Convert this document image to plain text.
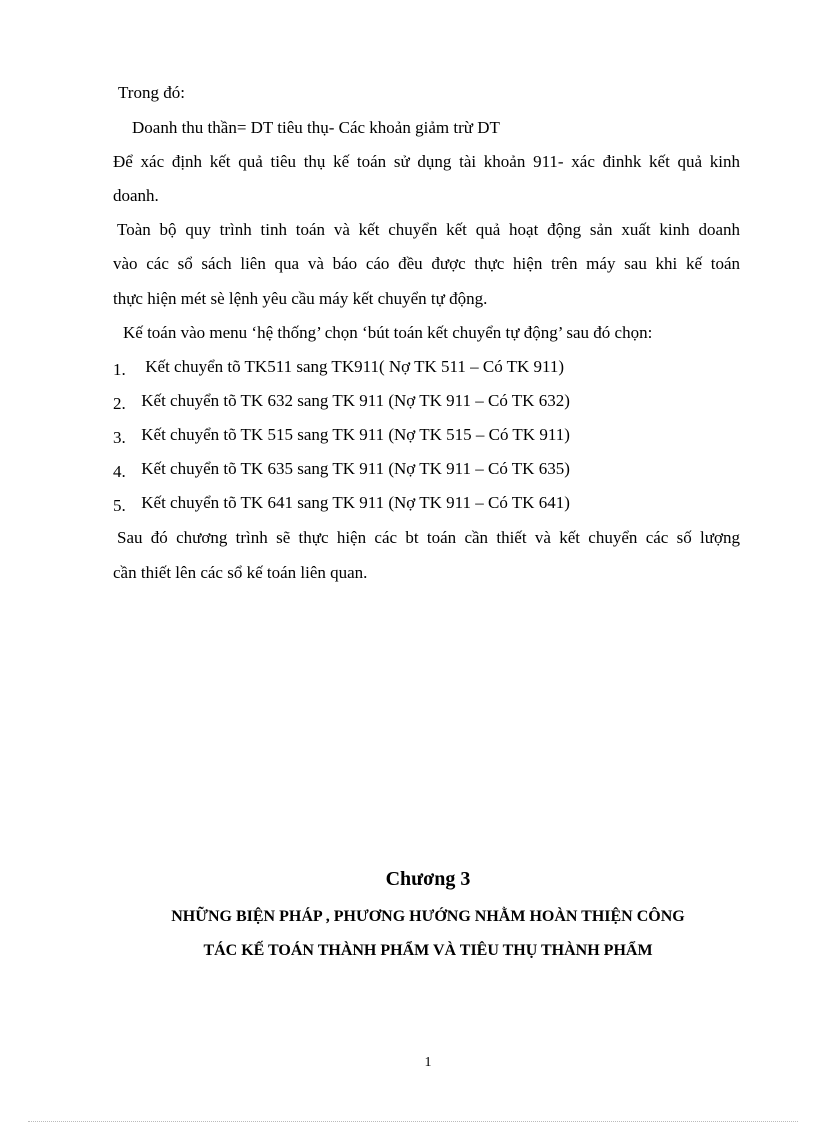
Trong đó:
Doanh thu thần= DT tiêu thụ- Các khoản giảm trừ DT
Để xác định kết quả tiêu thụ kế toán sử dụng tài khoản 911- xác đinhk kết quả kinh
doanh.
Toàn bộ quy trình tinh toán và kết chuyển kết quả hoạt động sản xuất kinh doanh
vào các sổ sách liên qua và báo cáo đều được thực hiện trên máy sau khi kế toán
thực hiện mét sè lệnh yêu cầu máy kết chuyển tự động.
Kế toán vào menu ‘hệ thống’ chọn ‘bút toán kết chuyển tự động’ sau đó chọn:
1. Kết chuyển tõ TK511 sang TK911( Nợ TK 511 – Có TK 911)
2. Kết chuyển tõ TK 632 sang TK 911 (Nợ TK 911 – Có TK 632)
3. Kết chuyển tõ TK 515 sang TK 911 (Nợ TK 515 – Có TK 911)
4. Kết chuyển tõ TK 635 sang TK 911 (Nợ TK 911 – Có TK 635)
5. Kết chuyển tõ TK 641 sang TK 911 (Nợ TK 911 – Có TK 641)
Sau đó chương trình sẽ thực hiện các bt toán cần thiết và kết chuyển các số lượng
cần thiết lên các sổ kế toán liên quan.
Chương 3
NHỮNG BIỆN PHÁP , PHƯƠNG HƯỚNG NHẰM HOÀN THIỆN CÔNG
TÁC KẾ TOÁN THÀNH PHẨM VÀ TIÊU THỤ THÀNH PHẨM
1
